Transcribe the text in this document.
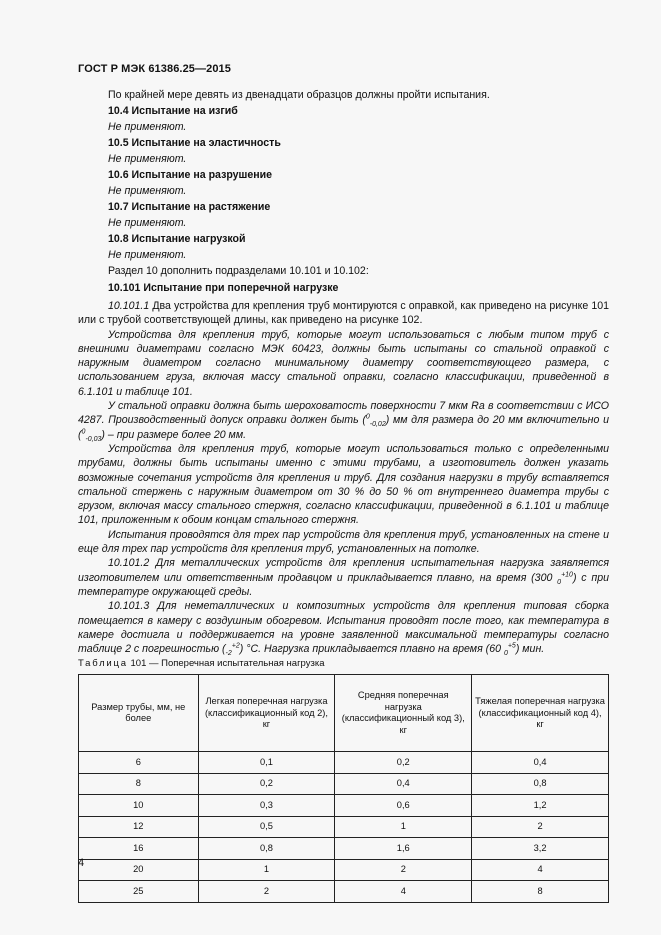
ГОСТ Р МЭК 61386.25—2015

По крайней мере девять из двенадцати образцов должны пройти испытания.

10.4 Испытание на изгиб

Не применяют.

10.5 Испытание на эластичность

Не применяют.

10.6 Испытание на разрушение

Не применяют.

10.7 Испытание на растяжение

Не применяют.

10.8 Испытание нагрузкой

Не применяют.

Раздел 10 дополнить подразделами 10.101 и 10.102:

10.101 Испытание при поперечной нагрузке

10.101.1 Два устройства для крепления труб монтируются с оправкой, как приведено на рисунке 101 или с трубой соответствующей длины, как приведено на рисунке 102.

Устройства для крепления труб, которые могут использоваться с любым типом труб с внешними диаметрами согласно МЭК 60423, должны быть испытаны со стальной оправкой с наружным диаметром согласно минимальному диаметру соответствующего размера, с использованием груза, включая массу стальной оправки, согласно классификации, приведенной в 6.1.101 и таблице 101.

У стальной оправки должна быть шероховатость поверхности 7 мкм Ra в соответствии с ИСО 4287. Производственный допуск оправки должен быть ($^0_{-0,02}$) мм для размера до 20 мм включительно и ($^0_{-0,03}$) – при размере более 20 мм.

Устройства для крепления труб, которые могут использоваться только с определенными трубами, должны быть испытаны именно с этими трубами, а изготовитель должен указать возможные сочетания устройств для крепления и труб. Для создания нагрузки в трубу вставляется стальной стержень с наружным диаметром от 30 % до 50 % от внутреннего диаметра трубы с грузом, включая массу стального стержня, согласно классификации, приведенной в 6.1.101 и таблице 101, приложенным к обоим концам стального стержня.

Испытания проводятся для трех пар устройств для крепления труб, установленных на стене и еще для трех пар устройств для крепления труб, установленных на потолке.

10.101.2 Для металлических устройств для крепления испытательная нагрузка заявляется изготовителем или ответственным продавцом и прикладывается плавно, на время (300 $_0^{+10}$) с при температуре окружающей среды.

10.101.3 Для неметаллических и композитных устройств для крепления типовая сборка помещается в камеру с воздушным обогревом. Испытания проводят после того, как температура в камере достигла и поддерживается на уровне заявленной максимальной температуры согласно таблице 2 с погрешностью $(_{-2}^{+2})$ °С. Нагрузка прикладывается плавно на время (60 $_0^{+5}$) мин.

Таблица 101 — Поперечная испытательная нагрузка
Размер трубы, мм, не более	Легкая поперечная нагрузка (классификационный код 2), кг	Средняя поперечная нагрузка (классификационный код 3), кг	Тяжелая поперечная нагрузка (классификационный код 4), кг
6	0,1	0,2	0,4
8	0,2	0,4	0,8
10	0,3	0,6	1,2
12	0,5	1	2
16	0,8	1,6	3,2
20	1	2	4
25	2	4	8
4
